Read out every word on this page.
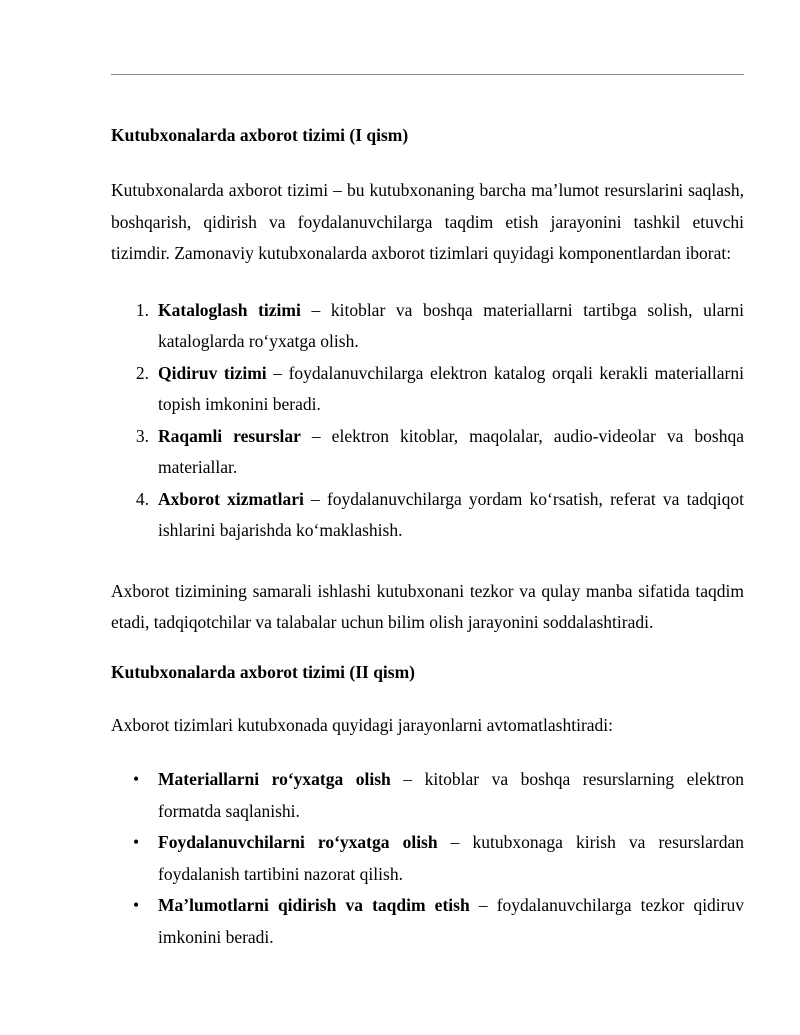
Kutubxonalarda axborot tizimi (I qism)

Kutubxonalarda axborot tizimi – bu kutubxonaning barcha ma’lumot resurslarini saqlash, boshqarish, qidirish va foydalanuvchilarga taqdim etish jarayonini tashkil etuvchi tizimdir. Zamonaviy kutubxonalarda axborot tizimlari quyidagi komponentlardan iborat:

1. Kataloglash tizimi – kitoblar va boshqa materiallarni tartibga solish, ularni kataloglarda ro‘yxatga olish.
2. Qidiruv tizimi – foydalanuvchilarga elektron katalog orqali kerakli materiallarni topish imkonini beradi.
3. Raqamli resurslar – elektron kitoblar, maqolalar, audio-videolar va boshqa materiallar.
4. Axborot xizmatlari – foydalanuvchilarga yordam ko‘rsatish, referat va tadqiqot ishlarini bajarishda ko‘maklashish.

Axborot tizimining samarali ishlashi kutubxonani tezkor va qulay manba sifatida taqdim etadi, tadqiqotchilar va talabalar uchun bilim olish jarayonini soddalashtiradi.

Kutubxonalarda axborot tizimi (II qism)

Axborot tizimlari kutubxonada quyidagi jarayonlarni avtomatlashtiradi:

• Materiallarni ro‘yxatga olish – kitoblar va boshqa resurslarning elektron formatda saqlanishi.
• Foydalanuvchilarni ro‘yxatga olish – kutubxonaga kirish va resurslardan foydalanish tartibini nazorat qilish.
• Ma’lumotlarni qidirish va taqdim etish – foydalanuvchilarga tezkor qidiruv imkonini beradi.
